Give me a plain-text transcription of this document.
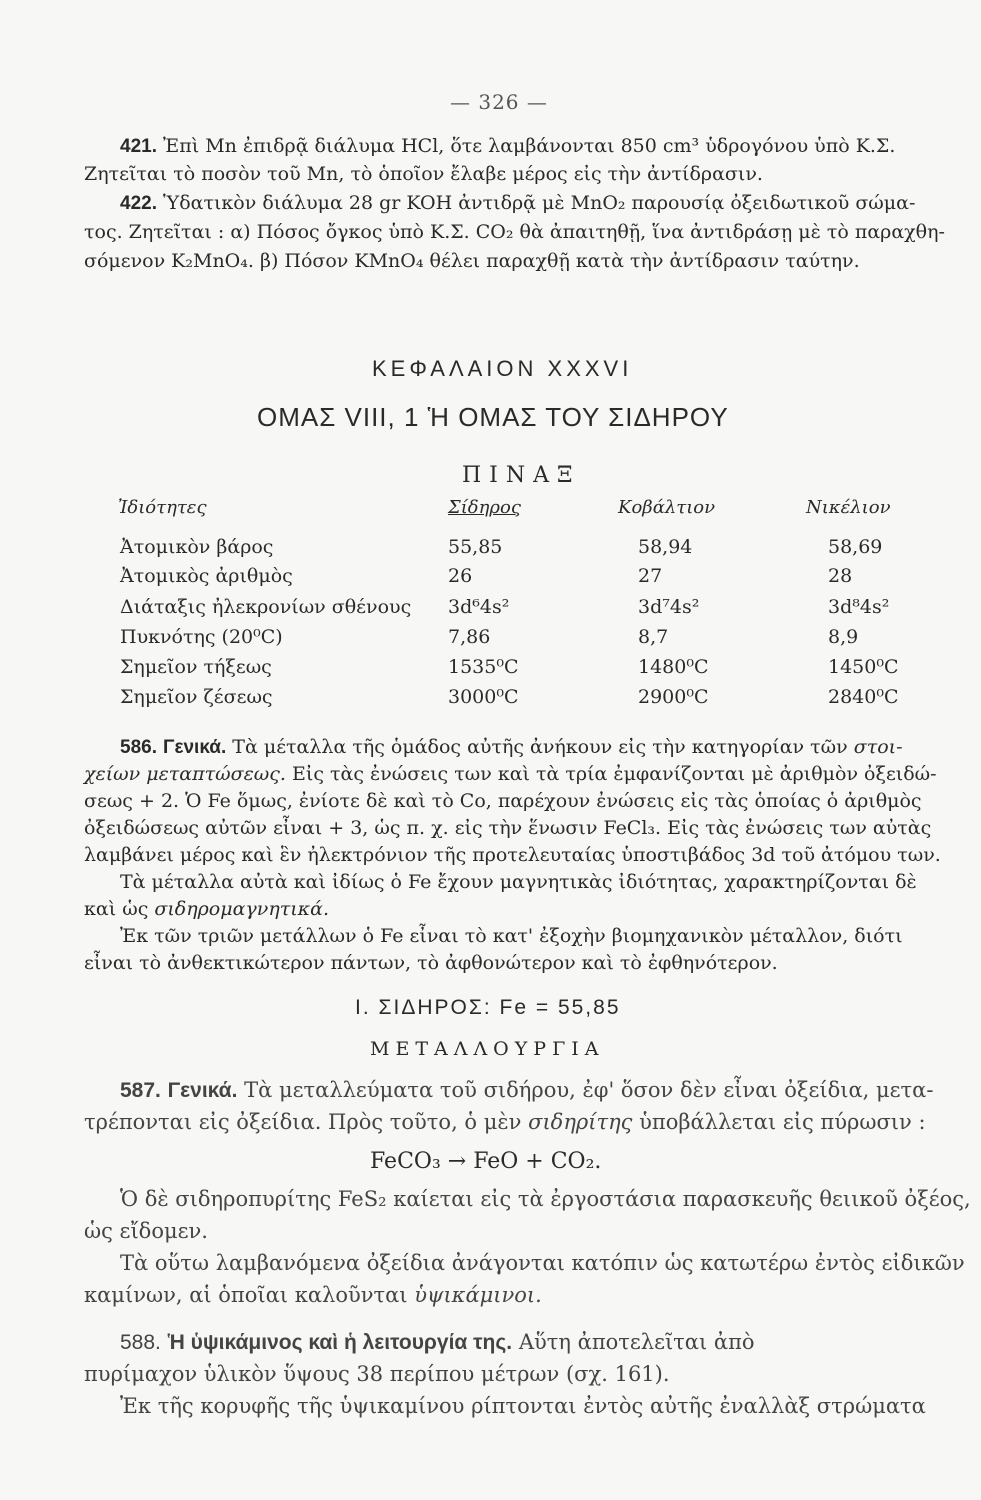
— 326 —
421. Ἐπὶ Mn ἐπιδρᾷ διάλυμα HCl, ὅτε λαμβάνονται 850 cm³ ὑδρογόνου ὑπὸ Κ.Σ.
Ζητεῖται τὸ ποσὸν τοῦ Mn, τὸ ὁποῖον ἔλαβε μέρος εἰς τὴν ἀντίδρασιν.
422. Ὑδατικὸν διάλυμα 28 gr KOH ἀντιδρᾷ μὲ MnO₂ παρουσίᾳ ὀξειδωτικοῦ σώμα-
τος. Ζητεῖται : α) Πόσος ὄγκος ὑπὸ Κ.Σ. CO₂ θὰ ἀπαιτηθῇ, ἵνα ἀντιδράσῃ μὲ τὸ παραχθη-
σόμενον K₂MnO₄. β) Πόσον KMnO₄ θέλει παραχθῇ κατὰ τὴν ἀντίδρασιν ταύτην.
ΚΕΦΑΛΑΙΟΝ XXXVI
ΟΜΑΣ VIII, 1 Ἡ ΟΜΑΣ ΤΟΥ ΣΙΔΗΡΟΥ
ΠΙΝΑΞ
Ἰδιότητες	Σίδηρος	Κοβάλτιον	Νικέλιον
Ἀτομικὸν βάρος	55,85	58,94	58,69
Ἀτομικὸς ἀριθμὸς	26	27	28
Διάταξις ἠλεκρονίων σθένους 3d⁶4s²	3d⁷4s²	3d⁸4s²
Πυκνότης (20⁰C)	7,86	8,7	8,9
Σημεῖον τήξεως	1535⁰C	1480⁰C	1450⁰C
Σημεῖον ζέσεως	3000⁰C	2900⁰C	2840⁰C
586. Γενικά. Τὰ μέταλλα τῆς ὁμάδος αὐτῆς ἀνήκουν εἰς τὴν κατηγορίαν τῶν στοι-
χείων μεταπτώσεως. Εἰς τὰς ἐνώσεις των καὶ τὰ τρία ἐμφανίζονται μὲ ἀριθμὸν ὀξειδώ-
σεως + 2. Ὁ Fe ὅμως, ἐνίοτε δὲ καὶ τὸ Co, παρέχουν ἐνώσεις εἰς τὰς ὁποίας ὁ ἀριθμὸς
ὀξειδώσεως αὐτῶν εἶναι + 3, ὡς π. χ. εἰς τὴν ἕνωσιν FeCl₃. Εἰς τὰς ἐνώσεις των αὐτὰς
λαμβάνει μέρος καὶ ἓν ἠλεκτρόνιον τῆς προτελευταίας ὑποστιβάδος 3d τοῦ ἀτόμου των.
Τὰ μέταλλα αὐτὰ καὶ ἰδίως ὁ Fe ἔχουν μαγνητικὰς ἰδιότητας, χαρακτηρίζονται δὲ
καὶ ὡς σιδηρομαγνητικά.
Ἐκ τῶν τριῶν μετάλλων ὁ Fe εἶναι τὸ κατ' ἐξοχὴν βιομηχανικὸν μέταλλον, διότι
εἶναι τὸ ἀνθεκτικώτερον πάντων, τὸ ἀφθονώτερον καὶ τὸ ἐφθηνότερον.
I. ΣΙΔΗΡΟΣ: Fe = 55,85
ΜΕΤΑΛΛΟΥΡΓΙΑ
587. Γενικά. Τὰ μεταλλεύματα τοῦ σιδήρου, ἐφ' ὅσον δὲν εἶναι ὀξείδια, μετα-
τρέπονται εἰς ὀξείδια. Πρὸς τοῦτο, ὁ μὲν σιδηρίτης ὑποβάλλεται εἰς πύρωσιν :
FeCO₃ → FeO + CO₂.
Ὁ δὲ σιδηροπυρίτης FeS₂ καίεται εἰς τὰ ἐργοστάσια παρασκευῆς θειικοῦ ὀξέος,
ὡς εἴδομεν.
Τὰ οὕτω λαμβανόμενα ὀξείδια ἀνάγονται κατόπιν ὡς κατωτέρω ἐντὸς εἰδικῶν
καμίνων, αἱ ὁποῖαι καλοῦνται ὑψικάμινοι.
588. Ἡ ὑψικάμινος καὶ ἡ λειτουργία της. Αὕτη ἀποτελεῖται ἀπὸ
πυρίμαχον ὑλικὸν ὕψους 38 περίπου μέτρων (σχ. 161).
Ἐκ τῆς κορυφῆς τῆς ὑψικαμίνου ρίπτονται ἐντὸς αὐτῆς ἐναλλὰξ στρώματα
